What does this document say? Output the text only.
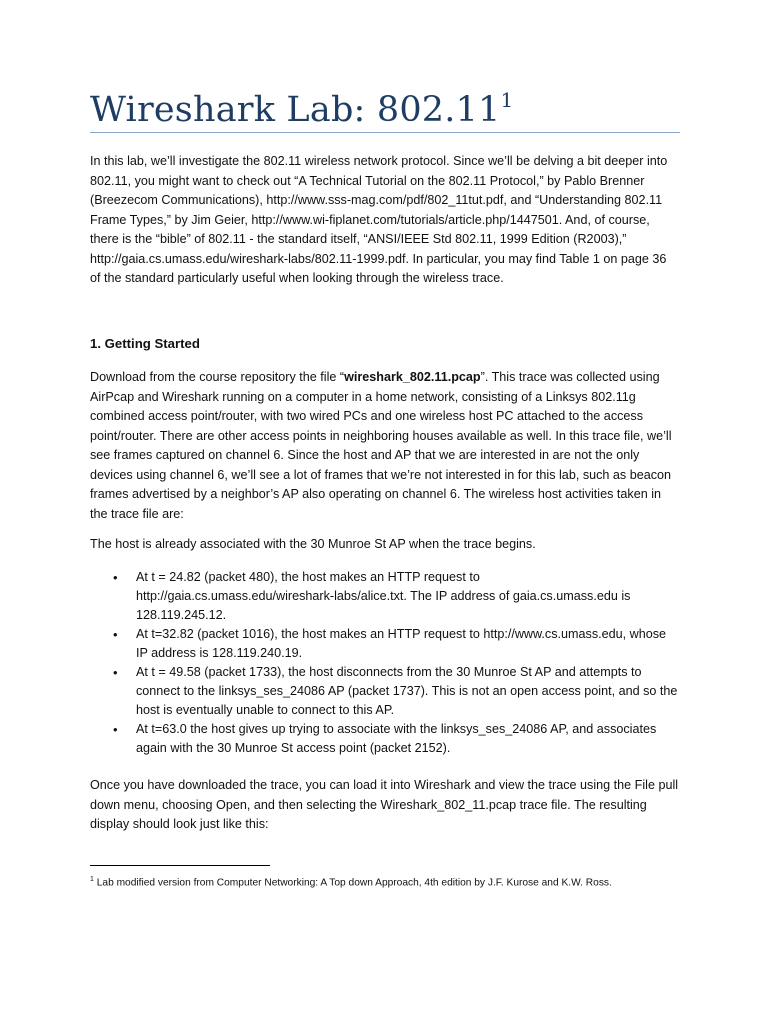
Wireshark Lab: 802.11$^1$

In this lab, we’ll investigate the 802.11 wireless network protocol. Since we’ll be delving a bit deeper into 802.11, you might want to check out “A Technical Tutorial on the 802.11 Protocol,” by Pablo Brenner (Breezecom Communications), http://www.sss-mag.com/pdf/802_11tut.pdf, and “Understanding 802.11 Frame Types,” by Jim Geier, http://www.wi-fiplanet.com/tutorials/article.php/1447501. And, of course, there is the “bible” of 802.11 - the standard itself, “ANSI/IEEE Std 802.11, 1999 Edition (R2003),” http://gaia.cs.umass.edu/wireshark-labs/802.11-1999.pdf. In particular, you may find Table 1 on page 36 of the standard particularly useful when looking through the wireless trace.

1. Getting Started

Download from the course repository the file “wireshark_802.11.pcap”. This trace was collected using AirPcap and Wireshark running on a computer in a home network, consisting of a Linksys 802.11g combined access point/router, with two wired PCs and one wireless host PC attached to the access point/router. There are other access points in neighboring houses available as well. In this trace file, we’ll see frames captured on channel 6. Since the host and AP that we are interested in are not the only devices using channel 6, we’ll see a lot of frames that we’re not interested in for this lab, such as beacon frames advertised by a neighbor’s AP also operating on channel 6. The wireless host activities taken in the trace file are:

The host is already associated with the 30 Munroe St AP when the trace begins.

• At t = 24.82 (packet 480), the host makes an HTTP request to http://gaia.cs.umass.edu/wireshark-labs/alice.txt. The IP address of gaia.cs.umass.edu is 128.119.245.12.
• At t=32.82 (packet 1016), the host makes an HTTP request to http://www.cs.umass.edu, whose IP address is 128.119.240.19.
• At t = 49.58 (packet 1733), the host disconnects from the 30 Munroe St AP and attempts to connect to the linksys_ses_24086 AP (packet 1737). This is not an open access point, and so the host is eventually unable to connect to this AP.
• At t=63.0 the host gives up trying to associate with the linksys_ses_24086 AP, and associates again with the 30 Munroe St access point (packet 2152).

Once you have downloaded the trace, you can load it into Wireshark and view the trace using the File pull down menu, choosing Open, and then selecting the Wireshark_802_11.pcap trace file. The resulting display should look just like this:

$^1$ Lab modified version from Computer Networking: A Top down Approach, 4th edition by J.F. Kurose and K.W. Ross.
